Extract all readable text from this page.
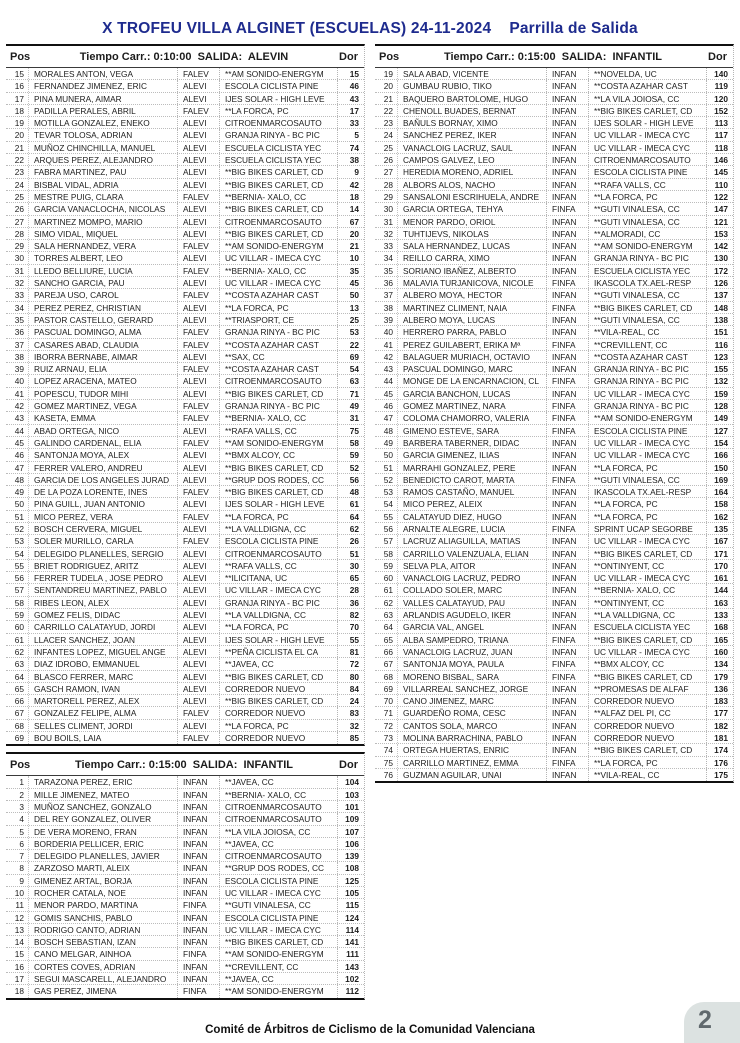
X TROFEU VILLA ALGINET (ESCUELAS) 24-11-2024 Parrilla de Salida
Pos	Tiempo Carr.: 0:10:00  SALIDA:  ALEVIN	Dor
15	MORALES ANTON, VEGA	FALEV	**AM SONIDO-ENERGYM	15
16	FERNANDEZ JIMENEZ, ERIC	ALEVI	ESCOLA CICLISTA PINE	46
17	PINA MUNERA, AIMAR	ALEVI	IJES SOLAR - HIGH LEVE	43
18	PADILLA PERALES, ABRIL	FALEV	**LA FORCA, PC	17
19	MOTILLA GONZALEZ, ENEKO	ALEVI	CITROENMARCOSAUTO	33
20	TEVAR TOLOSA, ADRIAN	ALEVI	GRANJA RINYA - BC PIC	5
21	MUÑOZ CHINCHILLA, MANUEL	ALEVI	ESCUELA CICLISTA YEC	74
22	ARQUES PEREZ, ALEJANDRO	ALEVI	ESCUELA CICLISTA YEC	38
23	FABRA MARTINEZ, PAU	ALEVI	**BIG BIKES CARLET, CD	9
24	BISBAL VIDAL, ADRIA	ALEVI	**BIG BIKES CARLET, CD	42
25	MESTRE PUIG, CLARA	FALEV	**BERNIA- XALO, CC	18
26	GARCIA VANACLOCHA, NICOLAS	ALEVI	**BIG BIKES CARLET, CD	14
27	MARTINEZ MOMPO, MARIO	ALEVI	CITROENMARCOSAUTO	67
28	SIMO VIDAL, MIQUEL	ALEVI	**BIG BIKES CARLET, CD	20
29	SALA HERNANDEZ, VERA	FALEV	**AM SONIDO-ENERGYM	21
30	TORRES ALBERT, LEO	ALEVI	UC VILLAR - IMECA CYC	10
31	LLEDO BELLIURE, LUCIA	FALEV	**BERNIA- XALO, CC	35
32	SANCHO GARCIA, PAU	ALEVI	UC VILLAR - IMECA CYC	45
33	PAREJA USO, CAROL	FALEV	**COSTA AZAHAR CAST	50
34	PEREZ PEREZ, CHRISTIAN	ALEVI	**LA FORCA, PC	13
35	PASTOR CASTELLO, GERARD	ALEVI	**TRIASPORT, CE	25
36	PASCUAL DOMINGO, ALMA	FALEV	GRANJA RINYA - BC PIC	53
37	CASARES ABAD, CLAUDIA	FALEV	**COSTA AZAHAR CAST	22
38	IBORRA BERNABE, AIMAR	ALEVI	**SAX, CC	69
39	RUIZ ARNAU, ELIA	FALEV	**COSTA AZAHAR CAST	54
40	LOPEZ ARACENA, MATEO	ALEVI	CITROENMARCOSAUTO	63
41	POPESCU, TUDOR MIHI	ALEVI	**BIG BIKES CARLET, CD	71
42	GOMEZ MARTINEZ, VEGA	FALEV	GRANJA RINYA - BC PIC	49
43	KASETA, EMMA	FALEV	**BERNIA- XALO, CC	31
44	ABAD ORTEGA, NICO	ALEVI	**RAFA VALLS, CC	75
45	GALINDO CARDENAL, ELIA	FALEV	**AM SONIDO-ENERGYM	58
46	SANTONJA MOYA, ALEX	ALEVI	**BMX ALCOY, CC	59
47	FERRER VALERO, ANDREU	ALEVI	**BIG BIKES CARLET, CD	52
48	GARCIA DE LOS ANGELES JURAD	ALEVI	**GRUP DOS RODES, CC	56
49	DE LA POZA LORENTE, INES	FALEV	**BIG BIKES CARLET, CD	48
50	PINA GUILL, JUAN ANTONIO	ALEVI	IJES SOLAR - HIGH LEVE	61
51	MICO PEREZ, VERA	FALEV	**LA FORCA, PC	64
52	BOSCH CERVERA, MIGUEL	ALEVI	**LA VALLDIGNA, CC	62
53	SOLER MURILLO, CARLA	FALEV	ESCOLA CICLISTA PINE	26
54	DELEGIDO PLANELLES, SERGIO	ALEVI	CITROENMARCOSAUTO	51
55	BRIET RODRIGUEZ, ARITZ	ALEVI	**RAFA VALLS, CC	30
56	FERRER TUDELA , JOSE PEDRO	ALEVI	**ILICITANA, UC	65
57	SENTANDREU MARTINEZ, PABLO	ALEVI	UC VILLAR - IMECA CYC	28
58	RIBES LEON, ALEX	ALEVI	GRANJA RINYA - BC PIC	36
59	GOMEZ FELIS, DIDAC	ALEVI	**LA VALLDIGNA, CC	82
60	CARRILLO CALATAYUD, JORDI	ALEVI	**LA FORCA, PC	70
61	LLACER SANCHEZ, JOAN	ALEVI	IJES SOLAR - HIGH LEVE	55
62	INFANTES LOPEZ, MIGUEL ANGE	ALEVI	**PEÑA CICLISTA EL CA	81
63	DIAZ IDROBO, EMMANUEL	ALEVI	**JAVEA, CC	72
64	BLASCO FERRER, MARC	ALEVI	**BIG BIKES CARLET, CD	80
65	GASCH RAMON, IVAN	ALEVI	CORREDOR NUEVO	84
66	MARTORELL PEREZ, ALEX	ALEVI	**BIG BIKES CARLET, CD	24
67	GONZALEZ FELIPE, ALMA	FALEV	CORREDOR NUEVO	83
68	SELLES CLIMENT, JORDI	ALEVI	**LA FORCA, PC	32
69	BOU BOILS, LAIA	FALEV	CORREDOR NUEVO	85
Pos	Tiempo Carr.: 0:15:00  SALIDA:  INFANTIL	Dor
1	TARAZONA PEREZ, ERIC	INFAN	**JAVEA, CC	104
2	MILLE JIMENEZ, MATEO	INFAN	**BERNIA- XALO, CC	103
3	MUÑOZ SANCHEZ, GONZALO	INFAN	CITROENMARCOSAUTO	101
4	DEL REY GONZALEZ, OLIVER	INFAN	CITROENMARCOSAUTO	109
5	DE VERA MORENO, FRAN	INFAN	**LA VILA JOIOSA, CC	107
6	BORDERIA PELLICER, ERIC	INFAN	**JAVEA, CC	106
7	DELEGIDO PLANELLES, JAVIER	INFAN	CITROENMARCOSAUTO	139
8	ZARZOSO MARTI, ALEIX	INFAN	**GRUP DOS RODES, CC	108
9	GIMENEZ ARTAL, BORJA	INFAN	ESCOLA CICLISTA PINE	125
10	ROCHER CATALA, NOE	INFAN	UC VILLAR - IMECA CYC	105
11	MENOR PARDO, MARTINA	FINFA	**GUTI VINALESA, CC	115
12	GOMIS SANCHIS, PABLO	INFAN	ESCOLA CICLISTA PINE	124
13	RODRIGO CANTO, ADRIAN	INFAN	UC VILLAR - IMECA CYC	114
14	BOSCH SEBASTIAN, IZAN	INFAN	**BIG BIKES CARLET, CD	141
15	CANO MELGAR, AINHOA	FINFA	**AM SONIDO-ENERGYM	111
16	CORTES COVES, ADRIAN	INFAN	**CREVILLENT, CC	143
17	SEGUI MASCARELL, ALEJANDRO	INFAN	**JAVEA, CC	102
18	GAS PEREZ, JIMENA	FINFA	**AM SONIDO-ENERGYM	112
Pos	Tiempo Carr.: 0:15:00  SALIDA:  INFANTIL	Dor
19	SALA ABAD, VICENTE	INFAN	**NOVELDA, UC	140
20	GUMBAU RUBIO, TIKO	INFAN	**COSTA AZAHAR CAST	119
21	BAQUERO BARTOLOME, HUGO	INFAN	**LA VILA JOIOSA, CC	120
22	CHENOLL BUADES, BERNAT	INFAN	**BIG BIKES CARLET, CD	152
23	BAÑULS BORNAY, XIMO	INFAN	IJES SOLAR - HIGH LEVE	113
24	SANCHEZ PEREZ, IKER	INFAN	UC VILLAR - IMECA CYC	117
25	VANACLOIG LACRUZ, SAUL	INFAN	UC VILLAR - IMECA CYC	118
26	CAMPOS GALVEZ, LEO	INFAN	CITROENMARCOSAUTO	146
27	HEREDIA MORENO, ADRIEL	INFAN	ESCOLA CICLISTA PINE	145
28	ALBORS ALOS, NACHO	INFAN	**RAFA VALLS, CC	110
29	SANSALONI ESCRIHUELA, ANDRE	INFAN	**LA FORCA, PC	122
30	GARCIA ORTEGA, TEHYA	FINFA	**GUTI VINALESA, CC	147
31	MENOR PARDO, ORIOL	INFAN	**GUTI VINALESA, CC	121
32	TUHTIJEVS, NIKOLAS	INFAN	**ALMORADI, CC	153
33	SALA HERNANDEZ, LUCAS	INFAN	**AM SONIDO-ENERGYM	142
34	REILLO CARRA, XIMO	INFAN	GRANJA RINYA - BC PIC	130
35	SORIANO IBAÑEZ, ALBERTO	INFAN	ESCUELA CICLISTA YEC	172
36	MALAVIA TURJANICOVA, NICOLE	FINFA	IKASCOLA TX.AEL-RESP	126
37	ALBERO MOYA, HECTOR	INFAN	**GUTI VINALESA, CC	137
38	MARTINEZ CLIMENT, NAIA	FINFA	**BIG BIKES CARLET, CD	148
39	ALBERO MOYA, LUCAS	INFAN	**GUTI VINALESA, CC	138
40	HERRERO PARRA, PABLO	INFAN	**VILA-REAL, CC	151
41	PEREZ GUILABERT, ERIKA Mª	FINFA	**CREVILLENT, CC	116
42	BALAGUER MURIACH, OCTAVIO	INFAN	**COSTA AZAHAR CAST	123
43	PASCUAL DOMINGO, MARC	INFAN	GRANJA RINYA - BC PIC	155
44	MONGE DE LA ENCARNACION, CL	FINFA	GRANJA RINYA - BC PIC	132
45	GARCIA BANCHON, LUCAS	INFAN	UC VILLAR - IMECA CYC	159
46	GOMEZ MARTINEZ, NARA	FINFA	GRANJA RINYA - BC PIC	128
47	COLOMA CHAMORRO, VALERIA	FINFA	**AM SONIDO-ENERGYM	149
48	GIMENO ESTEVE, SARA	FINFA	ESCOLA CICLISTA PINE	127
49	BARBERA TABERNER, DIDAC	INFAN	UC VILLAR - IMECA CYC	154
50	GARCIA GIMENEZ, ILIAS	INFAN	UC VILLAR - IMECA CYC	166
51	MARRAHI GONZALEZ, PERE	INFAN	**LA FORCA, PC	150
52	BENEDICTO CAROT, MARTA	FINFA	**GUTI VINALESA, CC	169
53	RAMOS CASTAÑO, MANUEL	INFAN	IKASCOLA TX.AEL-RESP	164
54	MICO PEREZ, ALEIX	INFAN	**LA FORCA, PC	158
55	CALATAYUD DIEZ, HUGO	INFAN	**LA FORCA, PC	162
56	ARNALTE ALEGRE, LUCIA	FINFA	SPRINT UCAP SEGORBE	135
57	LACRUZ ALIAGUILLA, MATIAS	INFAN	UC VILLAR - IMECA CYC	167
58	CARRILLO VALENZUALA, ELIAN	INFAN	**BIG BIKES CARLET, CD	171
59	SELVA PLA, AITOR	INFAN	**ONTINYENT, CC	170
60	VANACLOIG LACRUZ, PEDRO	INFAN	UC VILLAR - IMECA CYC	161
61	COLLADO SOLER, MARC	INFAN	**BERNIA- XALO, CC	144
62	VALLES CALATAYUD, PAU	INFAN	**ONTINYENT, CC	163
63	ARLANDIS AGUDELO, IKER	INFAN	**LA VALLDIGNA, CC	133
64	GARCIA VAL, ANGEL	INFAN	ESCUELA CICLISTA YEC	168
65	ALBA SAMPEDRO, TRIANA	FINFA	**BIG BIKES CARLET, CD	165
66	VANACLOIG LACRUZ, JUAN	INFAN	UC VILLAR - IMECA CYC	160
67	SANTONJA MOYA, PAULA	FINFA	**BMX ALCOY, CC	134
68	MORENO BISBAL, SARA	FINFA	**BIG BIKES CARLET, CD	179
69	VILLARREAL SANCHEZ, JORGE	INFAN	**PROMESAS DE ALFAF	136
70	CANO JIMENEZ, MARC	INFAN	CORREDOR NUEVO	183
71	GUARDEÑO ROMA, CESC	INFAN	**ALFAZ DEL PI, CC	177
72	CANTOS SOLA, MARCO	INFAN	CORREDOR NUEVO	182
73	MOLINA BARRACHINA, PABLO	INFAN	CORREDOR NUEVO	181
74	ORTEGA HUERTAS, ENRIC	INFAN	**BIG BIKES CARLET, CD	174
75	CARRILLO MARTINEZ, EMMA	FINFA	**LA FORCA, PC	176
76	GUZMAN AGUILAR, UNAI	INFAN	**VILA-REAL, CC	175
Comité de Árbitros de Ciclismo de la Comunidad Valenciana	2
